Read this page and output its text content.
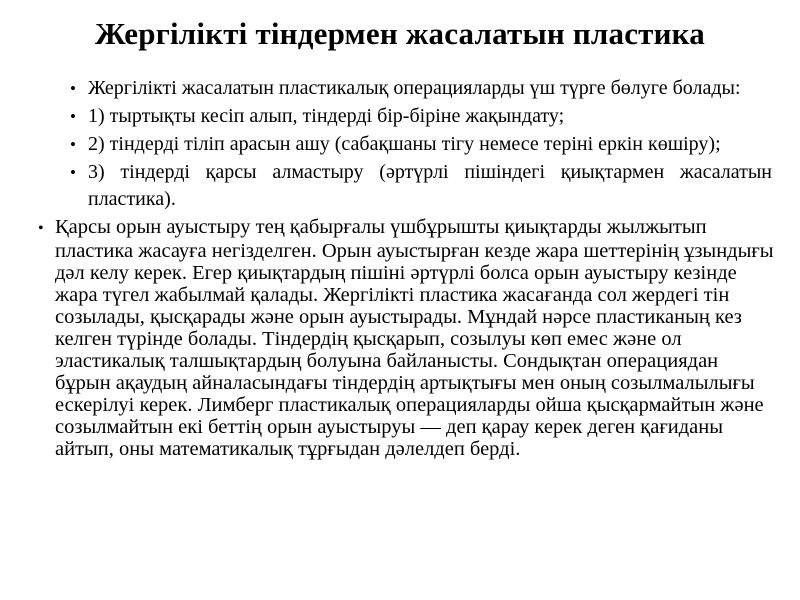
Жергілікті тіндермен жасалатын пластика
• Жергілікті жасалатын пластикалық операцияларды үш түрге бөлуге болады:
• 1) тыртықты кесіп алып, тіндерді бір-біріне жақындату;
• 2) тіндерді тіліп арасын ашу (сабақшаны тігу немесе теріні еркін көшіру);
• 3) тіндерді қарсы алмастыру (әртүрлі пішіндегі қиықтармен жасалатын пластика).
• Қарсы орын ауыстыру тең қабырғалы үшбұрышты қиықтарды жылжытып пластика жасауға негізделген. Орын ауыстырған кезде жара шеттерінің ұзындығы дәл келу керек. Егер қиықтардың пішіні әртүрлі болса орын ауыстыру кезінде жара түгел жабылмай қалады. Жергілікті пластика жасағанда сол жердегі тін созылады, қысқарады және орын ауыстырады. Мұндай нәрсе пластиканың кез келген түрінде болады. Тіндердің қысқарып, созылуы көп емес және ол эластикалық талшықтардың болуына байланысты. Сондықтан операциядан бұрын ақаудың айналасындағы тіндердің артықтығы мен оның созылмалылығы ескерілуі керек. Лимберг пластикалық операцияларды ойша қысқармайтын және созылмайтын екі беттің орын ауыстыруы — деп қарау керек деген қағиданы айтып, оны математикалық тұрғыдан дәлелдеп берді.
